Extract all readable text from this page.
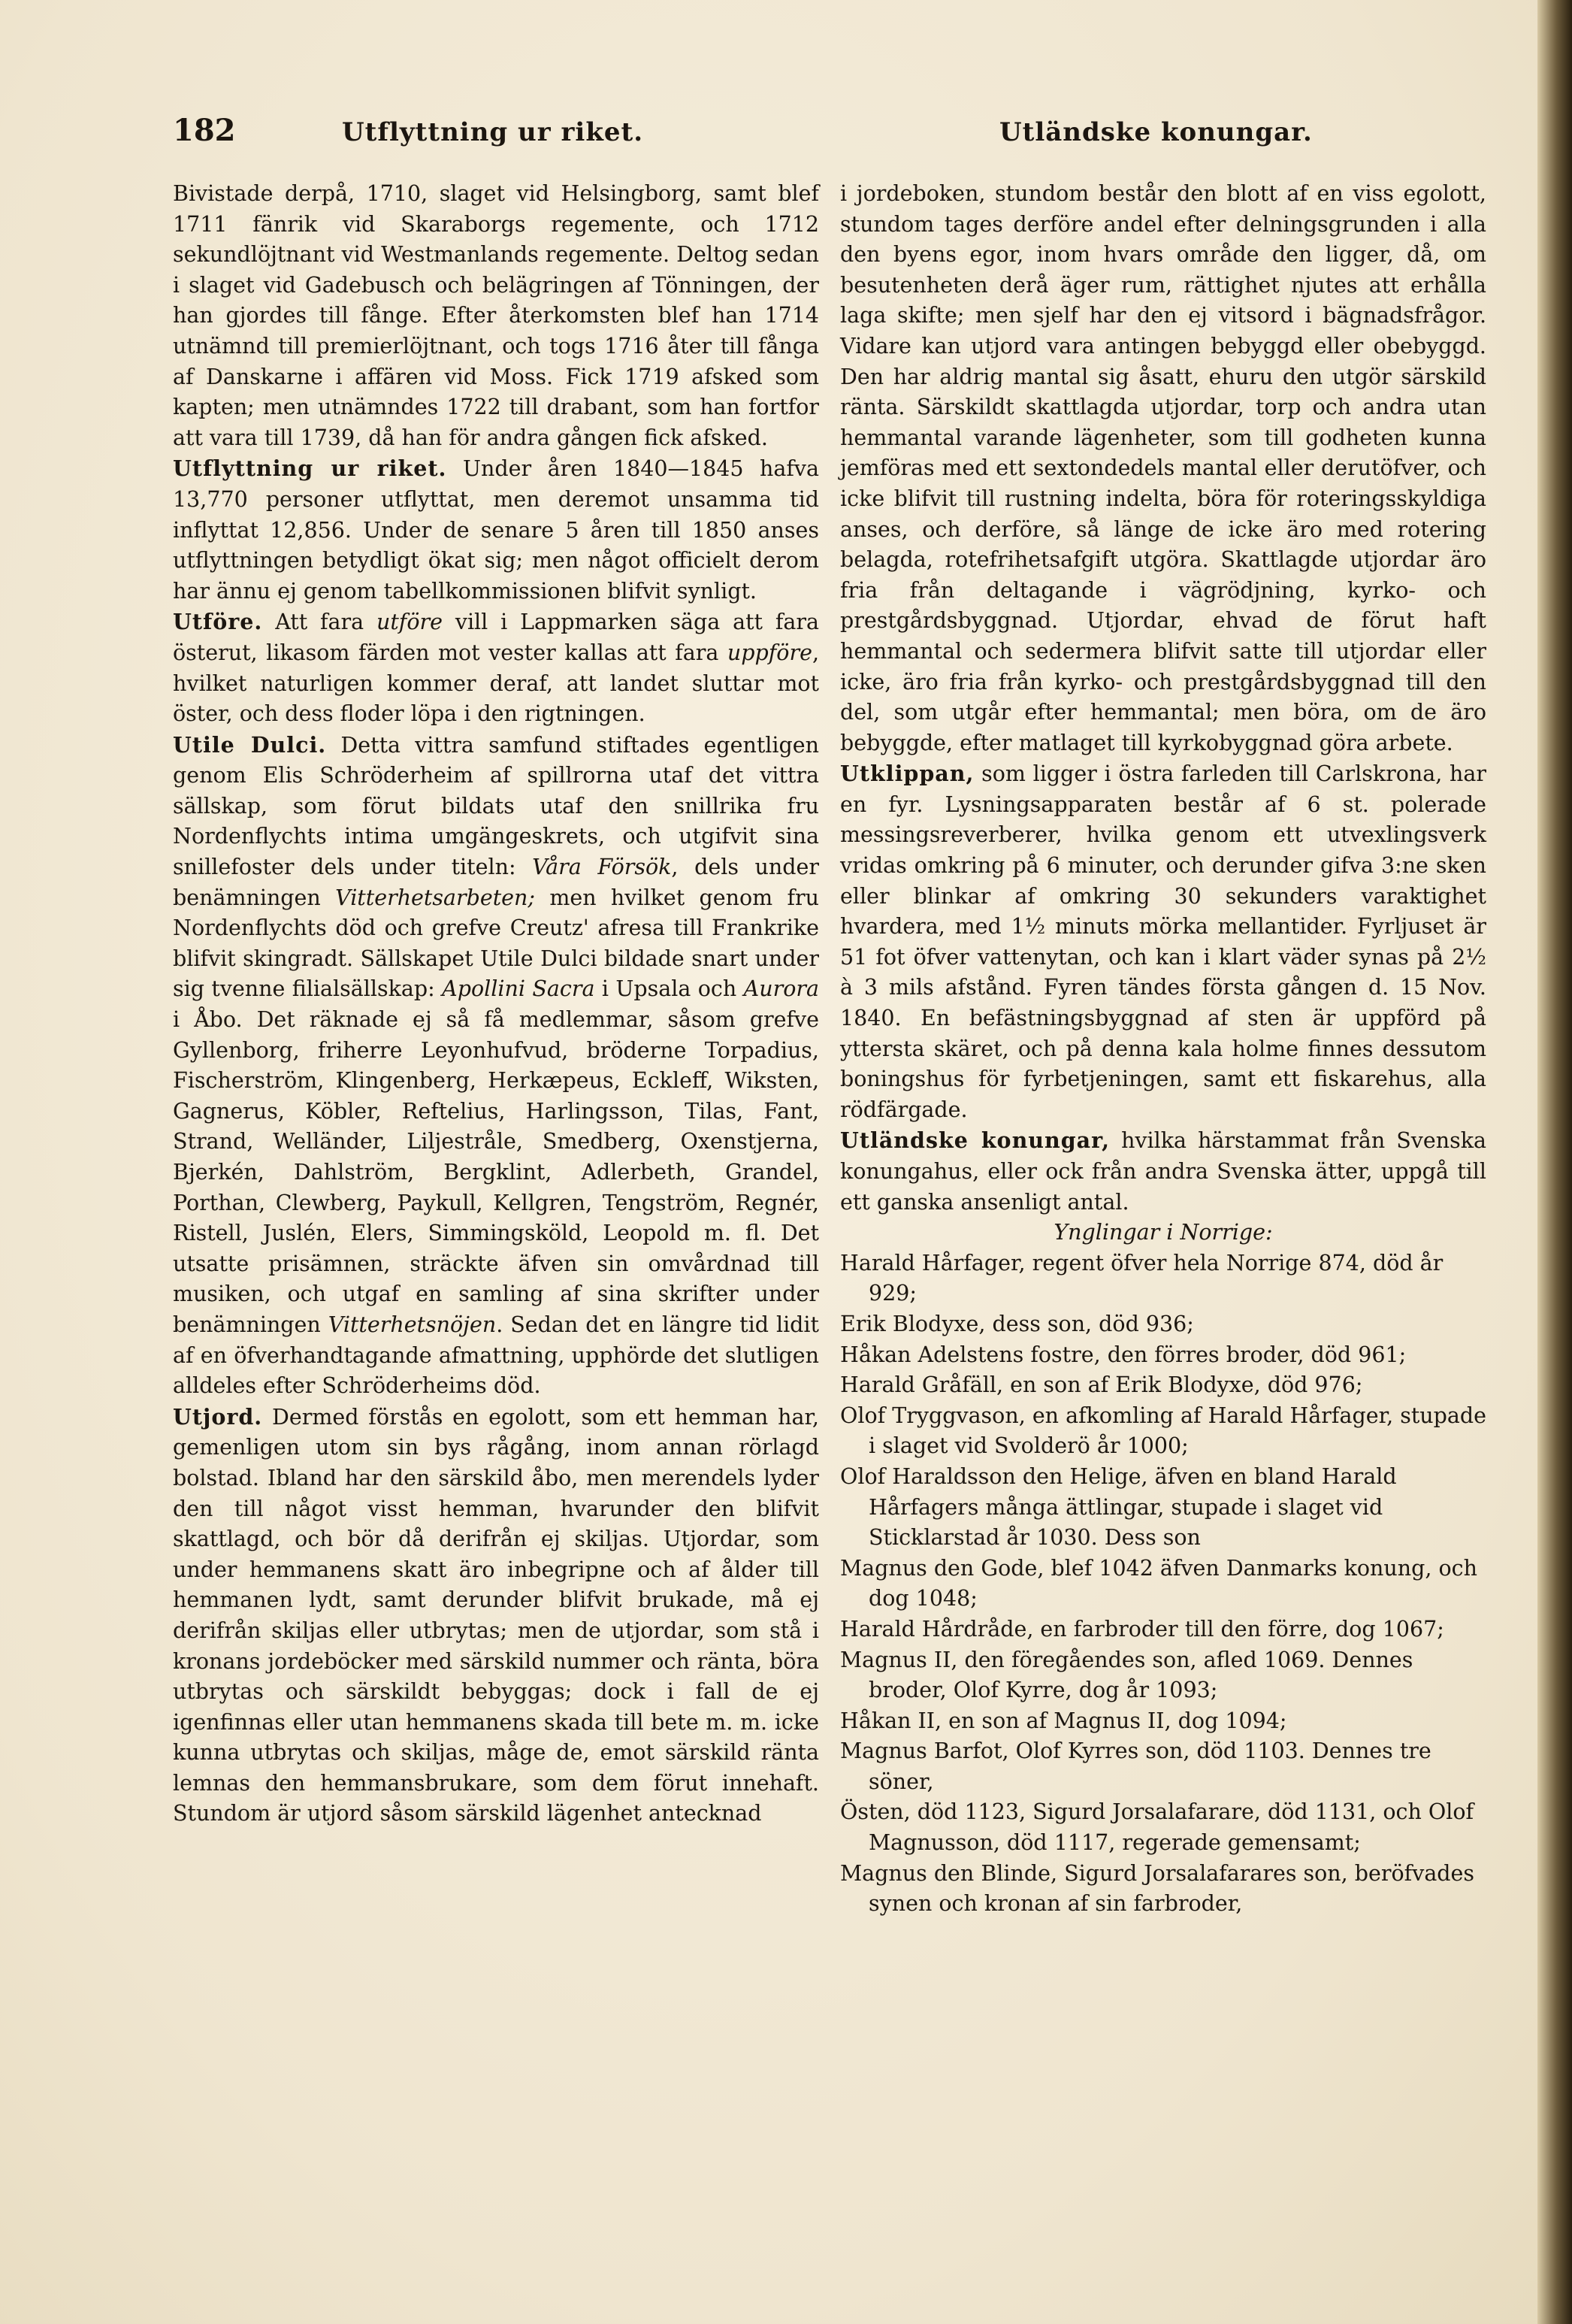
182	Utflyttning ur riket.	Utländske konungar.

Bivistade derpå, 1710, slaget vid Helsingborg, samt blef 1711 fänrik vid Skaraborgs regemente, och 1712 sekundlöjtnant vid Westmanlands regemente. Deltog sedan i slaget vid Gadebusch och belägringen af Tönningen, der han gjordes till fånge. Efter återkomsten blef han 1714 utnämnd till premierlöjtnant, och togs 1716 åter till fånga af Danskarne i affären vid Moss. Fick 1719 afsked som kapten; men utnämndes 1722 till drabant, som han fortfor att vara till 1739, då han för andra gången fick afsked.

Utflyttning ur riket. Under åren 1840—1845 hafva 13,770 personer utflyttat, men deremot unsamma tid inflyttat 12,856. Under de senare 5 åren till 1850 anses utflyttningen betydligt ökat sig; men något officielt derom har ännu ej genom tabellkommissionen blifvit synligt.

Utföre. Att fara utföre vill i Lappmarken säga att fara österut, likasom färden mot vester kallas att fara uppföre, hvilket naturligen kommer deraf, att landet sluttar mot öster, och dess floder löpa i den rigtningen.

Utile Dulci. Detta vittra samfund stiftades egentligen genom Elis Schröderheim af spillrorna utaf det vittra sällskap, som förut bildats utaf den snillrika fru Nordenflychts intima umgängeskrets, och utgifvit sina snillefoster dels under titeln: Våra Försök, dels under benämningen Vitterhetsarbeten; men hvilket genom fru Nordenflychts död och grefve Creutz' afresa till Frankrike blifvit skingradt. Sällskapet Utile Dulci bildade snart under sig tvenne filialsällskap: Apollini Sacra i Upsala och Aurora i Åbo. Det räknade ej så få medlemmar, såsom grefve Gyllenborg, friherre Leyonhufvud, bröderne Torpadius, Fischerström, Klingenberg, Herkæpeus, Eckleff, Wiksten, Gagnerus, Köbler, Reftelius, Harlingsson, Tilas, Fant, Strand, Welländer, Liljestråle, Smedberg, Oxenstjerna, Bjerkén, Dahlström, Bergklint, Adlerbeth, Grandel, Porthan, Clewberg, Paykull, Kellgren, Tengström, Regnér, Ristell, Juslén, Elers, Simmingsköld, Leopold m. fl. Det utsatte prisämnen, sträckte äfven sin omvårdnad till musiken, och utgaf en samling af sina skrifter under benämningen Vitterhetsnöjen. Sedan det en längre tid lidit af en öfverhandtagande afmattning, upphörde det slutligen alldeles efter Schröderheims död.

Utjord. Dermed förstås en egolott, som ett hemman har, gemenligen utom sin bys rågång, inom annan rörlagd bolstad. Ibland har den särskild åbo, men merendels lyder den till något visst hemman, hvarunder den blifvit skattlagd, och bör då derifrån ej skiljas. Utjordar, som under hemmanens skatt äro inbegripne och af ålder till hemmanen lydt, samt derunder blifvit brukade, må ej derifrån skiljas eller utbrytas; men de utjordar, som stå i kronans jordeböcker med särskild nummer och ränta, böra utbrytas och särskildt bebyggas; dock i fall de ej igenfinnas eller utan hemmanens skada till bete m. m. icke kunna utbrytas och skiljas, måge de, emot särskild ränta lemnas den hemmansbrukare, som dem förut innehaft. Stundom är utjord såsom särskild lägenhet antecknad

i jordeboken, stundom består den blott af en viss egolott, stundom tages derföre andel efter delningsgrunden i alla den byens egor, inom hvars område den ligger, då, om besutenheten derå äger rum, rättighet njutes att erhålla laga skifte; men sjelf har den ej vitsord i bägnadsfrågor. Vidare kan utjord vara antingen bebyggd eller obebyggd. Den har aldrig mantal sig åsatt, ehuru den utgör särskild ränta. Särskildt skattlagda utjordar, torp och andra utan hemmantal varande lägenheter, som till godheten kunna jemföras med ett sextondedels mantal eller derutöfver, och icke blifvit till rustning indelta, böra för roteringsskyldiga anses, och derföre, så länge de icke äro med rotering belagda, rotefrihetsafgift utgöra. Skattlagde utjordar äro fria från deltagande i vägrödjning, kyrko- och prestgårdsbyggnad. Utjordar, ehvad de förut haft hemmantal och sedermera blifvit satte till utjordar eller icke, äro fria från kyrko- och prestgårdsbyggnad till den del, som utgår efter hemmantal; men böra, om de äro bebyggde, efter matlaget till kyrkobyggnad göra arbete.

Utklippan, som ligger i östra farleden till Carlskrona, har en fyr. Lysningsapparaten består af 6 st. polerade messingsreverberer, hvilka genom ett utvexlingsverk vridas omkring på 6 minuter, och derunder gifva 3:ne sken eller blinkar af omkring 30 sekunders varaktighet hvardera, med 1½ minuts mörka mellantider. Fyrljuset är 51 fot öfver vattenytan, och kan i klart väder synas på 2½ à 3 mils afstånd. Fyren tändes första gången d. 15 Nov. 1840. En befästningsbyggnad af sten är uppförd på yttersta skäret, och på denna kala holme finnes dessutom boningshus för fyrbetjeningen, samt ett fiskarehus, alla rödfärgade.

Utländske konungar, hvilka härstammat från Svenska konungahus, eller ock från andra Svenska ätter, uppgå till ett ganska ansenligt antal.

Ynglingar i Norrige:

Harald Hårfager, regent öfver hela Norrige 874, död år 929;

Erik Blodyxe, dess son, död 936;

Håkan Adelstens fostre, den förres broder, död 961;

Harald Gråfäll, en son af Erik Blodyxe, död 976;

Olof Tryggvason, en afkomling af Harald Hårfager, stupade i slaget vid Svolderö år 1000;

Olof Haraldsson den Helige, äfven en bland Harald Hårfagers många ättlingar, stupade i slaget vid Sticklarstad år 1030. Dess son

Magnus den Gode, blef 1042 äfven Danmarks konung, och dog 1048;

Harald Hårdråde, en farbroder till den förre, dog 1067;

Magnus II, den föregåendes son, afled 1069. Dennes broder, Olof Kyrre, dog år 1093;

Håkan II, en son af Magnus II, dog 1094;

Magnus Barfot, Olof Kyrres son, död 1103. Dennes tre söner,

Östen, död 1123, Sigurd Jorsalafarare, död 1131, och Olof Magnusson, död 1117, regerade gemensamt;

Magnus den Blinde, Sigurd Jorsalafarares son, beröfvades synen och kronan af sin farbroder,
